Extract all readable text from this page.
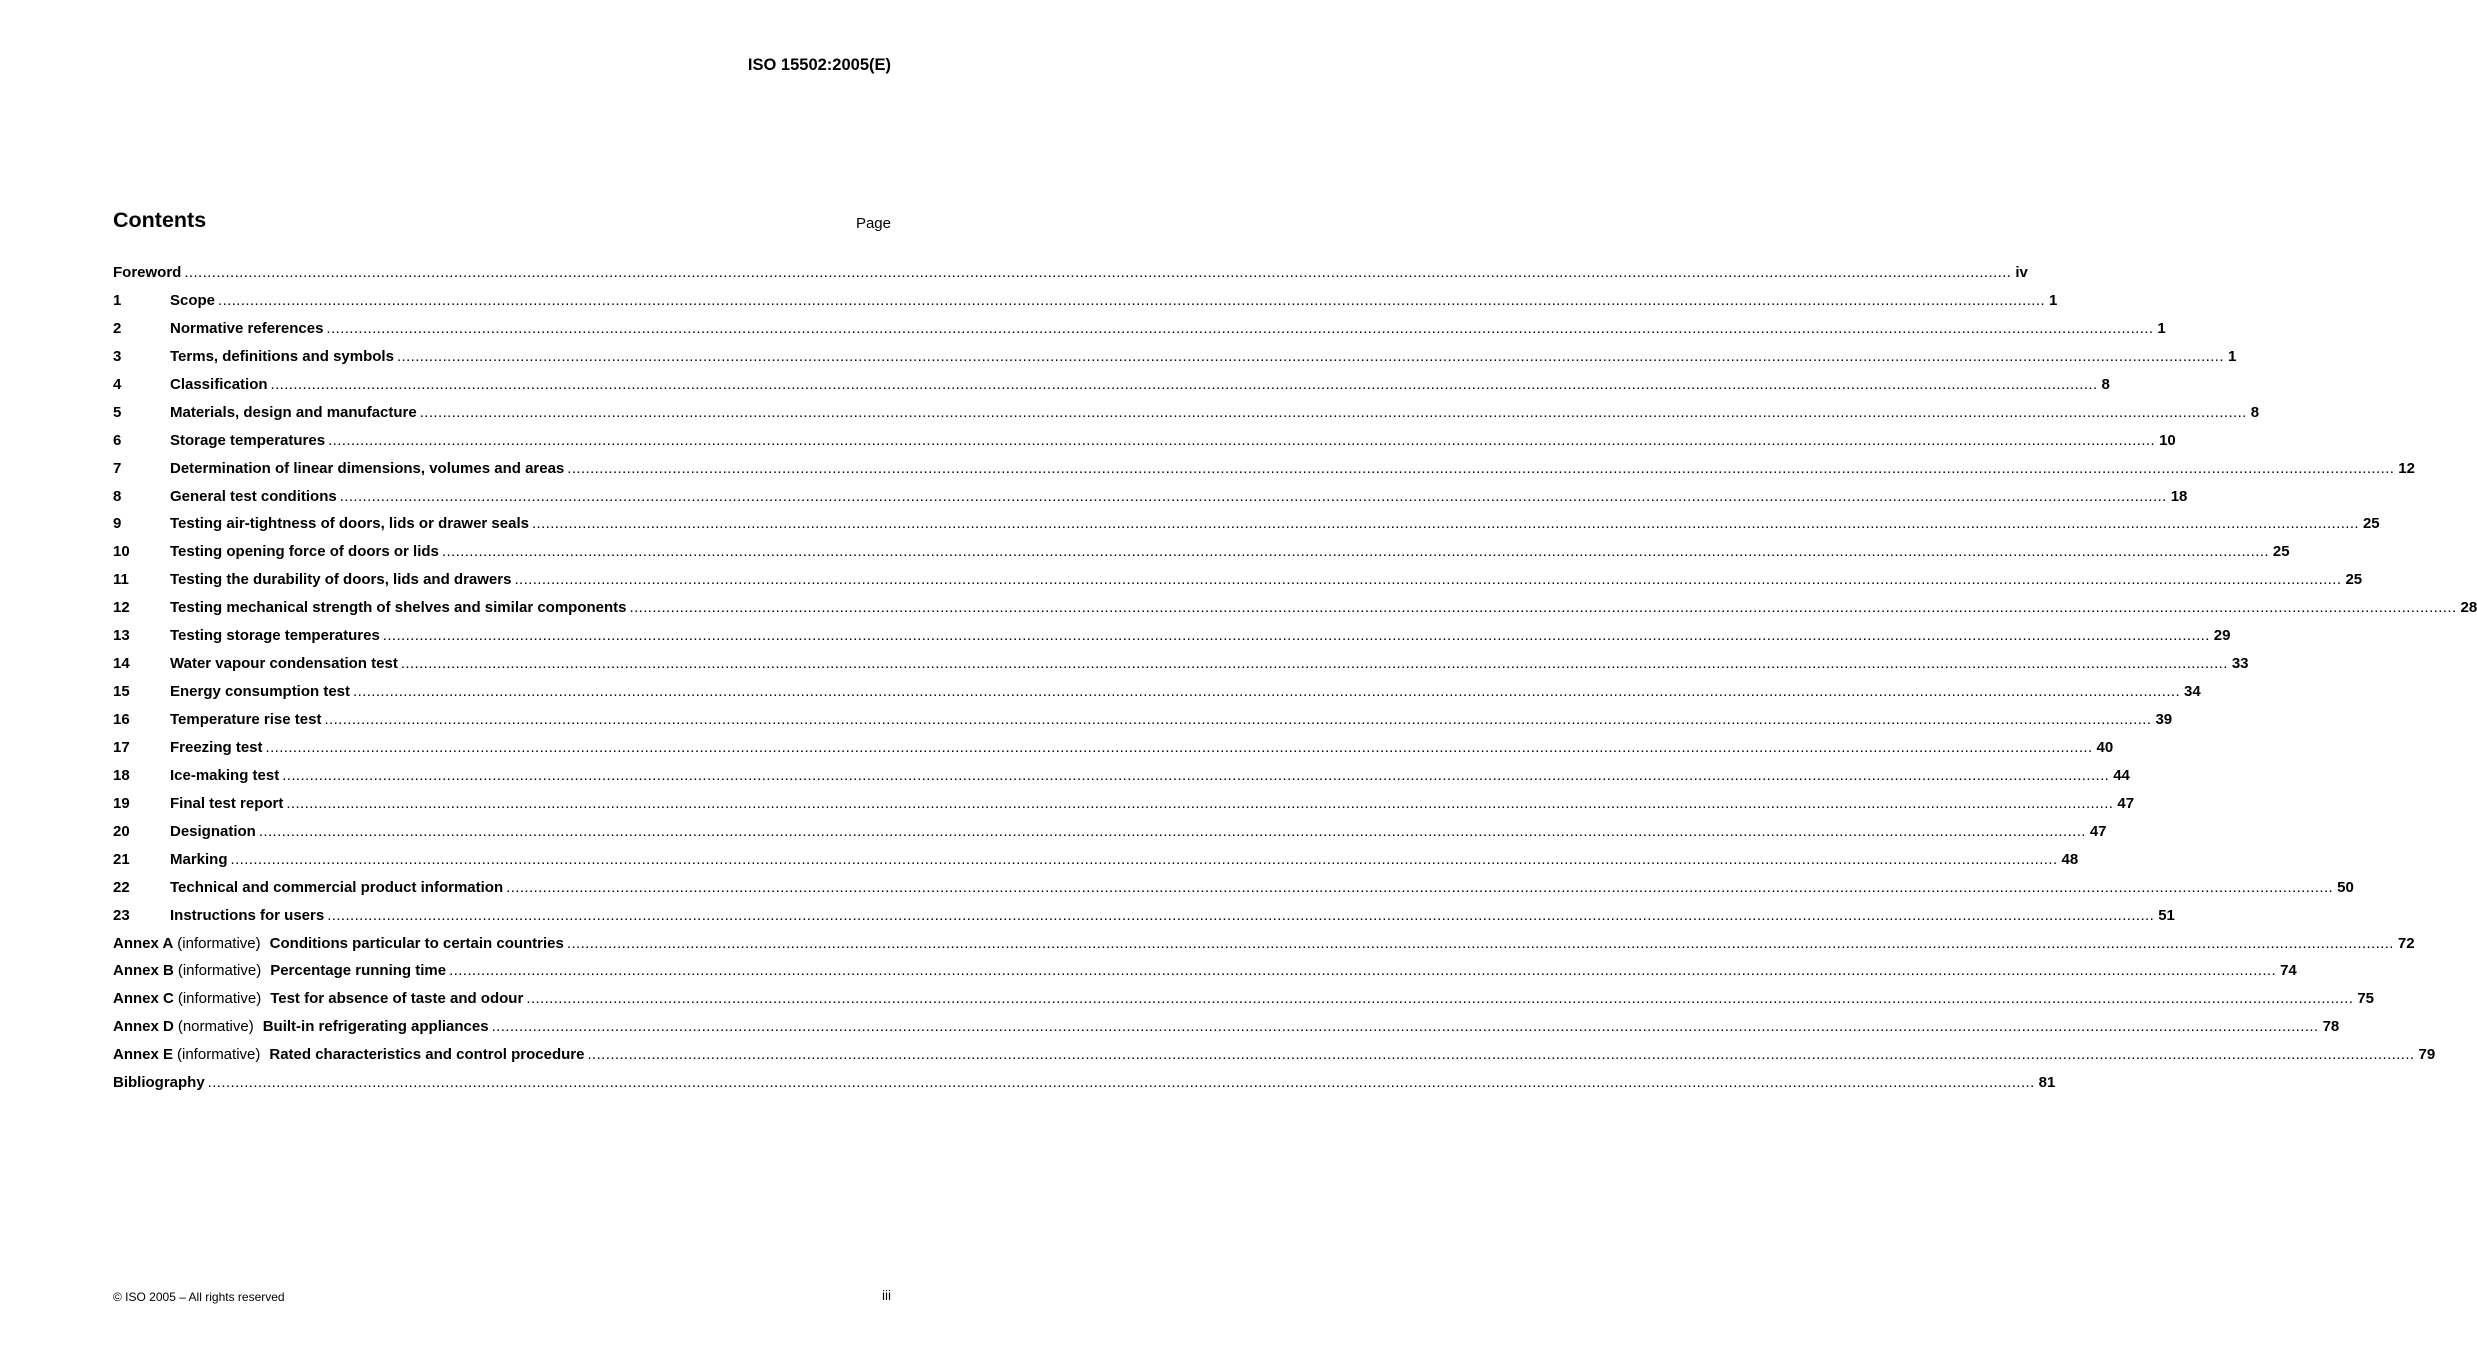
ISO 15502:2005(E)
Contents	Page
Foreword ................................................................................................................................................................................................................................................................................................................................................................................................................ iv
1	Scope ................................................................................................................................................................................................................................................................................................................................................................................................................ 1
2	Normative references ................................................................................................................................................................................................................................................................................................................................................................................................................ 1
3	Terms, definitions and symbols ................................................................................................................................................................................................................................................................................................................................................................................................................ 1
4	Classification ................................................................................................................................................................................................................................................................................................................................................................................................................ 8
5	Materials, design and manufacture ................................................................................................................................................................................................................................................................................................................................................................................................................ 8
6	Storage temperatures ................................................................................................................................................................................................................................................................................................................................................................................................................ 10
7	Determination of linear dimensions, volumes and areas ................................................................................................................................................................................................................................................................................................................................................................................................................ 12
8	General test conditions ................................................................................................................................................................................................................................................................................................................................................................................................................ 18
9	Testing air-tightness of doors, lids or drawer seals ................................................................................................................................................................................................................................................................................................................................................................................................................ 25
10	Testing opening force of doors or lids ................................................................................................................................................................................................................................................................................................................................................................................................................ 25
11	Testing the durability of doors, lids and drawers ................................................................................................................................................................................................................................................................................................................................................................................................................ 25
12	Testing mechanical strength of shelves and similar components ................................................................................................................................................................................................................................................................................................................................................................................................................ 28
13	Testing storage temperatures ................................................................................................................................................................................................................................................................................................................................................................................................................ 29
14	Water vapour condensation test ................................................................................................................................................................................................................................................................................................................................................................................................................ 33
15	Energy consumption test ................................................................................................................................................................................................................................................................................................................................................................................................................ 34
16	Temperature rise test ................................................................................................................................................................................................................................................................................................................................................................................................................ 39
17	Freezing test ................................................................................................................................................................................................................................................................................................................................................................................................................ 40
18	Ice-making test ................................................................................................................................................................................................................................................................................................................................................................................................................ 44
19	Final test report ................................................................................................................................................................................................................................................................................................................................................................................................................ 47
20	Designation ................................................................................................................................................................................................................................................................................................................................................................................................................ 47
21	Marking ................................................................................................................................................................................................................................................................................................................................................................................................................ 48
22	Technical and commercial product information ................................................................................................................................................................................................................................................................................................................................................................................................................ 50
23	Instructions for users ................................................................................................................................................................................................................................................................................................................................................................................................................ 51
Annex A (informative) Conditions particular to certain countries ................................................................................................................................................................................................................................................................................................................................................................................................................ 72
Annex B (informative) Percentage running time ................................................................................................................................................................................................................................................................................................................................................................................................................ 74
Annex C (informative) Test for absence of taste and odour ................................................................................................................................................................................................................................................................................................................................................................................................................ 75
Annex D (normative) Built-in refrigerating appliances ................................................................................................................................................................................................................................................................................................................................................................................................................ 78
Annex E (informative) Rated characteristics and control procedure ................................................................................................................................................................................................................................................................................................................................................................................................................ 79
Bibliography ................................................................................................................................................................................................................................................................................................................................................................................................................ 81
© ISO 2005 – All rights reserved	iii
